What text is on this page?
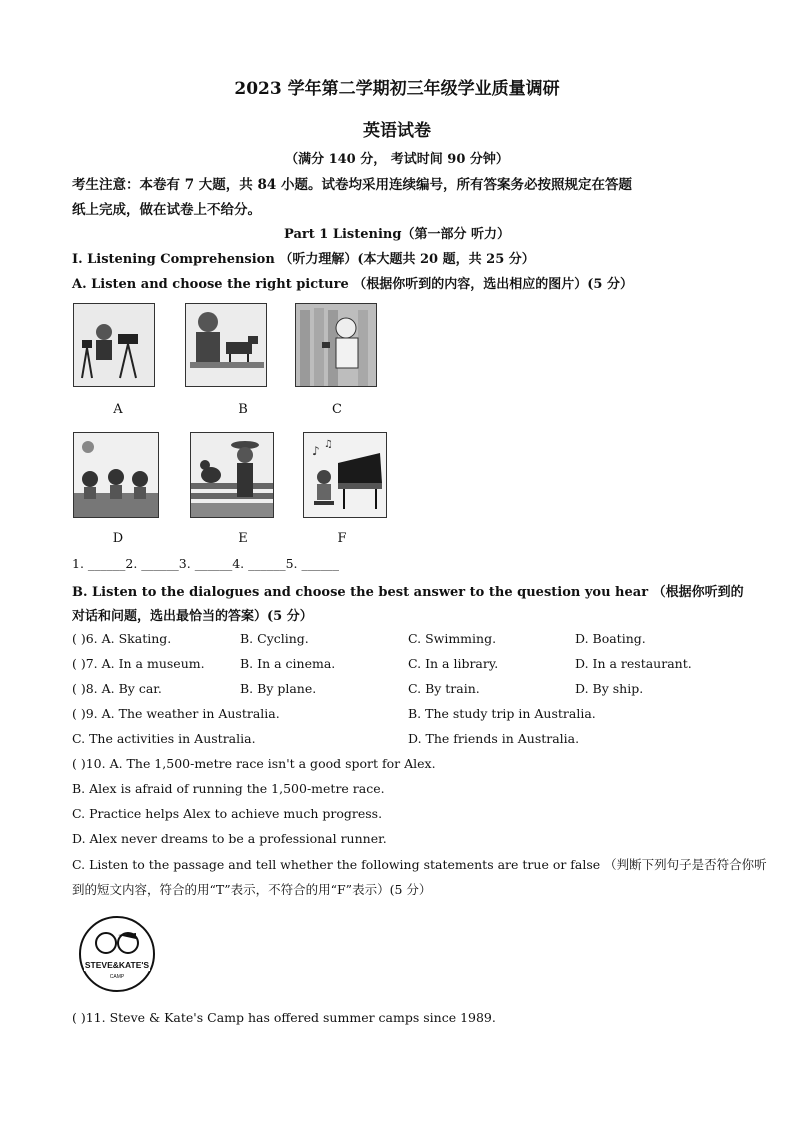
2023 学年第二学期初三年级学业质量调研
英语试卷
（满分 140 分， 考试时间 90 分钟）
考生注意：本卷有 7 大题，共 84 小题。试卷均采用连续编号，所有答案务必按照规定在答题
纸上完成，做在试卷上不给分。
Part 1 Listening（第一部分 听力）
I. Listening Comprehension （听力理解）(本大题共 20 题，共 25 分）
A. Listen and choose the right picture （根据你听到的内容，选出相应的图片）(5 分）
A	B	C
D	E
♪ ♫
F
1. ______2. ______3. ______4. ______5. ______
B. Listen to the dialogues and choose the best answer to the question you hear （根据你听到的
对话和问题，选出最恰当的答案）(5 分）
( )6. A. Skating.	B. Cycling.	C. Swimming.	D. Boating.
( )7. A. In a museum.	B. In a cinema.	C. In a library.	D. In a restaurant.
( )8. A. By car.	B. By plane.	C. By train.	D. By ship.
( )9. A. The weather in Australia.	B. The study trip in Australia.
C. The activities in Australia.	D. The friends in Australia.
( )10. A. The 1,500-metre race isn't a good sport for Alex.
B. Alex is afraid of running the 1,500-metre race.
C. Practice helps Alex to achieve much progress.
D. Alex never dreams to be a professional runner.
C. Listen to the passage and tell whether the following statements are true or false （判断下列句子是否符合你听
到的短文内容，符合的用“T”表示，不符合的用“F”表示）(5 分）
STEVE&KATE'S
CAMP
( )11. Steve & Kate's Camp has offered summer camps since 1989.
